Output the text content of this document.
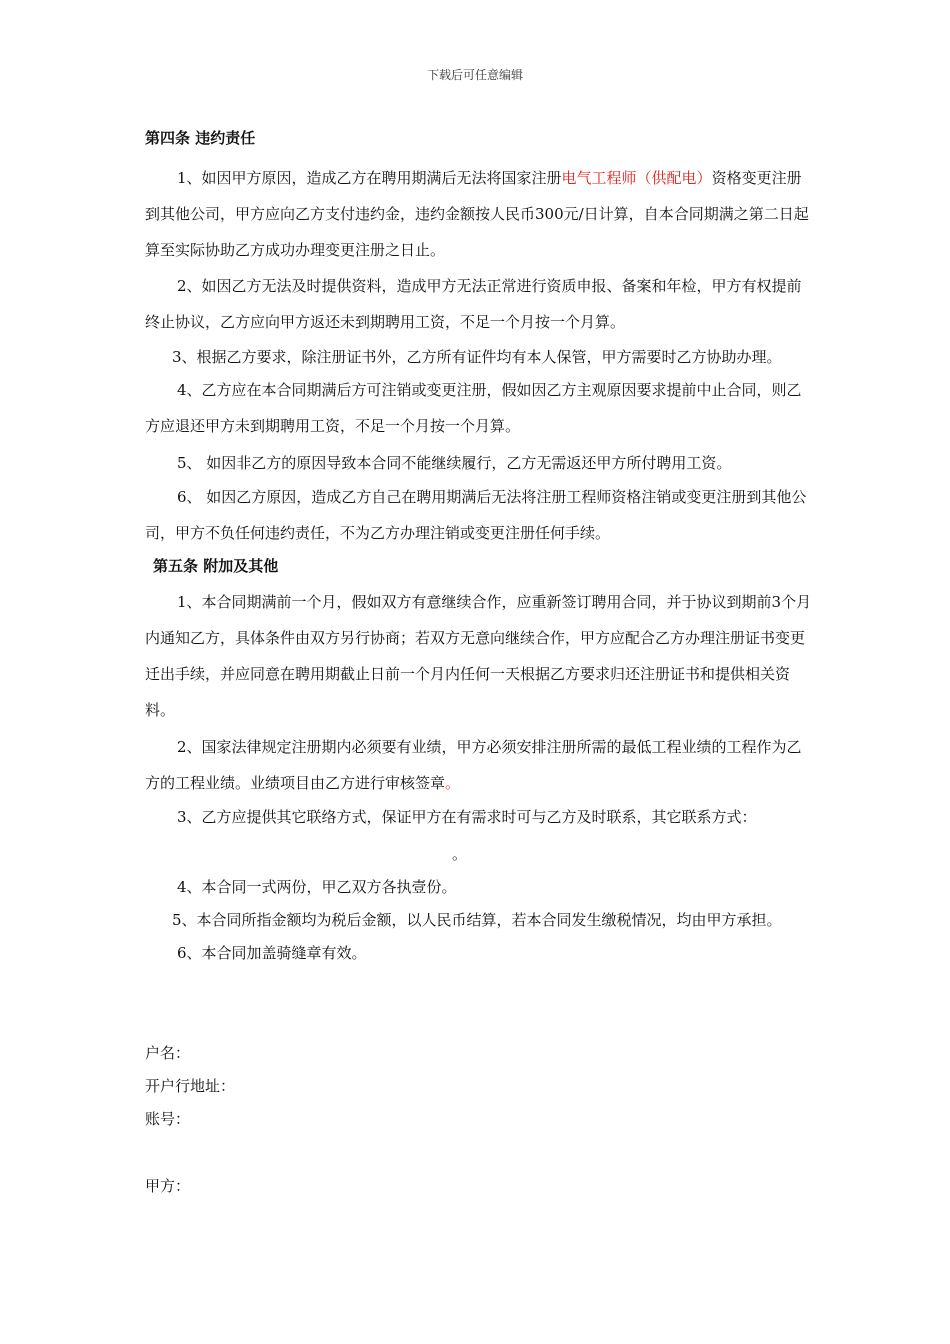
下载后可任意编辑
第四条 违约责任
1、如因甲方原因，造成乙方在聘用期满后无法将国家注册电气工程师（供配电）资格变更注册到其他公司，甲方应向乙方支付违约金，违约金额按人民币300元/日计算，自本合同期满之第二日起算至实际协助乙方成功办理变更注册之日止。
2、如因乙方无法及时提供资料，造成甲方无法正常进行资质申报、备案和年检，甲方有权提前终止协议，乙方应向甲方返还未到期聘用工资，不足一个月按一个月算。
3、根据乙方要求，除注册证书外，乙方所有证件均有本人保管，甲方需要时乙方协助办理。
4、乙方应在本合同期满后方可注销或变更注册，假如因乙方主观原因要求提前中止合同，则乙方应退还甲方未到期聘用工资，不足一个月按一个月算。
5、 如因非乙方的原因导致本合同不能继续履行，乙方无需返还甲方所付聘用工资。
6、 如因乙方原因，造成乙方自己在聘用期满后无法将注册工程师资格注销或变更注册到其他公司，甲方不负任何违约责任，不为乙方办理注销或变更注册任何手续。
第五条 附加及其他
1、本合同期满前一个月，假如双方有意继续合作，应重新签订聘用合同，并于协议到期前3个月内通知乙方，具体条件由双方另行协商；若双方无意向继续合作，甲方应配合乙方办理注册证书变更迁出手续，并应同意在聘用期截止日前一个月内任何一天根据乙方要求归还注册证书和提供相关资料。
2、国家法律规定注册期内必须要有业绩，甲方必须安排注册所需的最低工程业绩的工程作为乙方的工程业绩。业绩项目由乙方进行审核签章。
3、乙方应提供其它联络方式，保证甲方在有需求时可与乙方及时联系，其它联系方式：
。
4、本合同一式两份，甲乙双方各执壹份。
5、本合同所指金额均为税后金额，以人民币结算，若本合同发生缴税情况，均由甲方承担。
6、本合同加盖骑缝章有效。
户名：
开户行地址：
账号：
甲方：
